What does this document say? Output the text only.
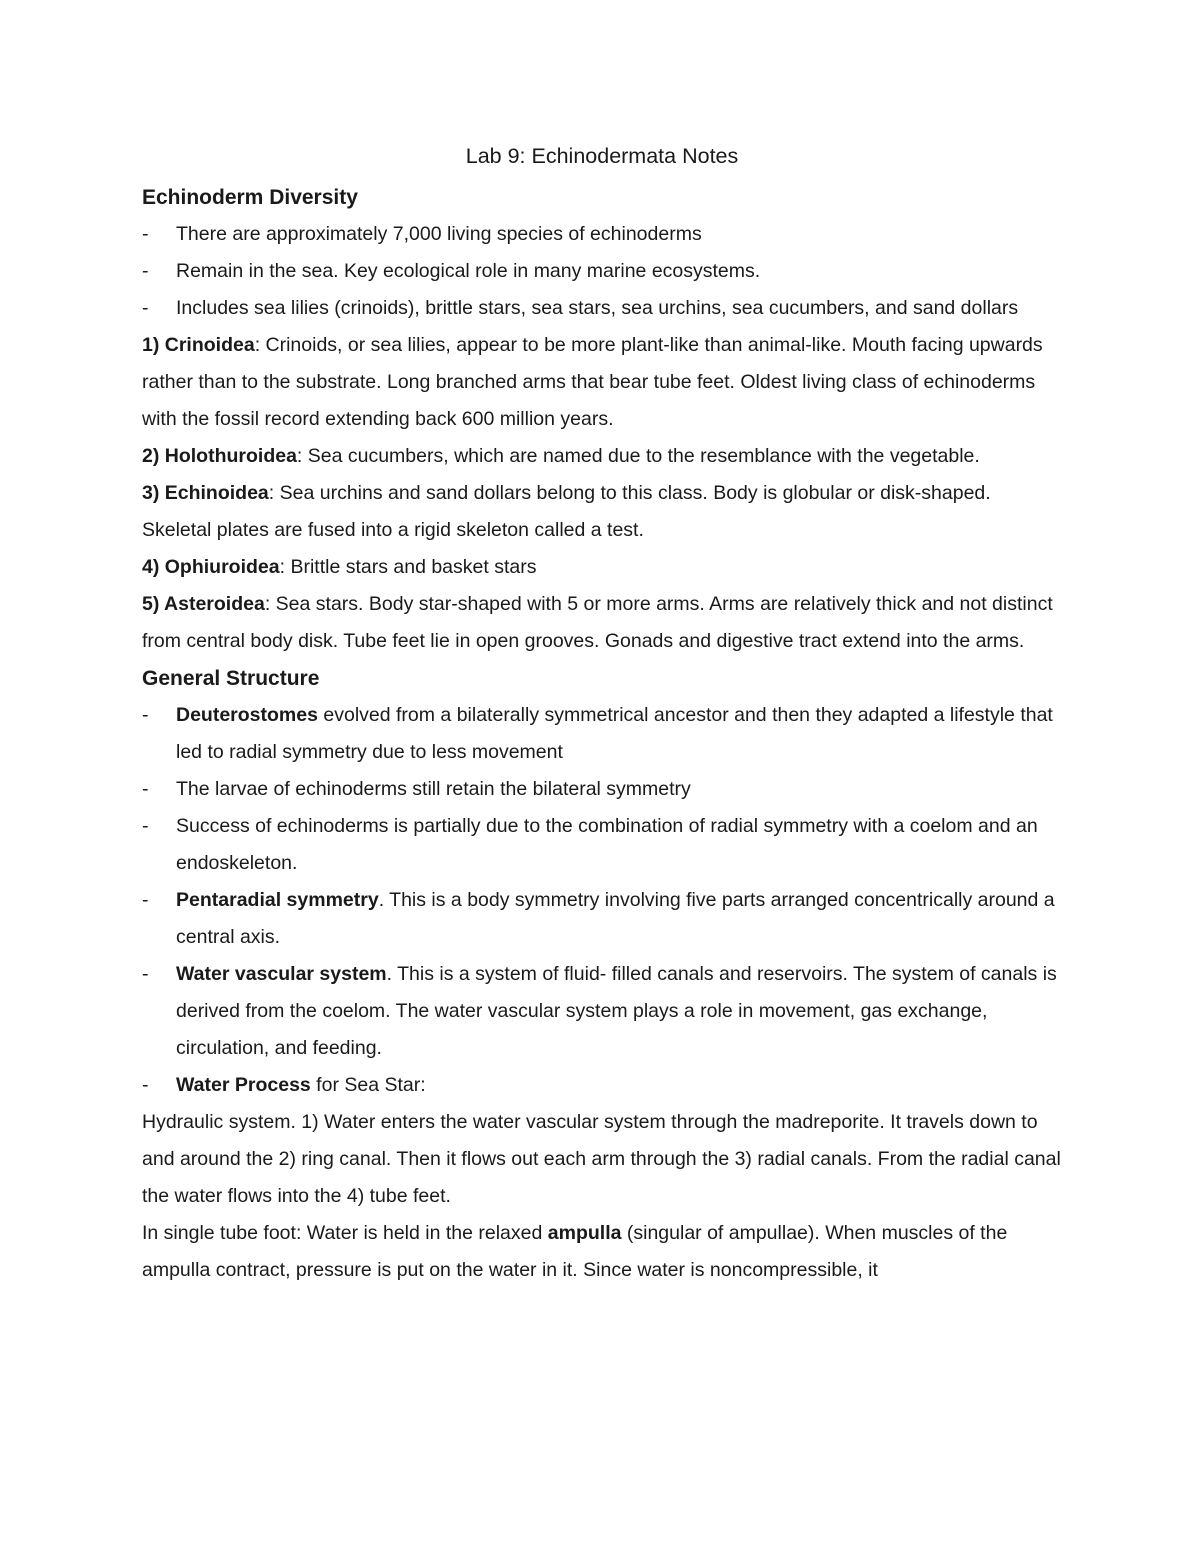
Lab 9: Echinodermata Notes
Echinoderm Diversity
- There are approximately 7,000 living species of echinoderms
- Remain in the sea. Key ecological role in many marine ecosystems.
- Includes sea lilies (crinoids), brittle stars, sea stars, sea urchins, sea cucumbers, and sand dollars

1) Crinoidea: Crinoids, or sea lilies, appear to be more plant-like than animal-like. Mouth facing upwards rather than to the substrate. Long branched arms that bear tube feet. Oldest living class of echinoderms with the fossil record extending back 600 million years.

2) Holothuroidea: Sea cucumbers, which are named due to the resemblance with the vegetable.

3) Echinoidea: Sea urchins and sand dollars belong to this class. Body is globular or disk-shaped. Skeletal plates are fused into a rigid skeleton called a test.

4) Ophiuroidea: Brittle stars and basket stars

5) Asteroidea: Sea stars. Body star-shaped with 5 or more arms. Arms are relatively thick and not distinct from central body disk. Tube feet lie in open grooves. Gonads and digestive tract extend into the arms.

General Structure
- Deuterostomes evolved from a bilaterally symmetrical ancestor and then they adapted a lifestyle that led to radial symmetry due to less movement
- The larvae of echinoderms still retain the bilateral symmetry
- Success of echinoderms is partially due to the combination of radial symmetry with a coelom and an endoskeleton.
- Pentaradial symmetry. This is a body symmetry involving five parts arranged concentrically around a central axis.
- Water vascular system. This is a system of fluid- filled canals and reservoirs. The system of canals is derived from the coelom. The water vascular system plays a role in movement, gas exchange, circulation, and feeding.
- Water Process for Sea Star:

Hydraulic system. 1) Water enters the water vascular system through the madreporite. It travels down to and around the 2) ring canal. Then it flows out each arm through the 3) radial canals. From the radial canal the water flows into the 4) tube feet.

In single tube foot: Water is held in the relaxed ampulla (singular of ampullae). When muscles of the ampulla contract, pressure is put on the water in it. Since water is noncompressible, it
